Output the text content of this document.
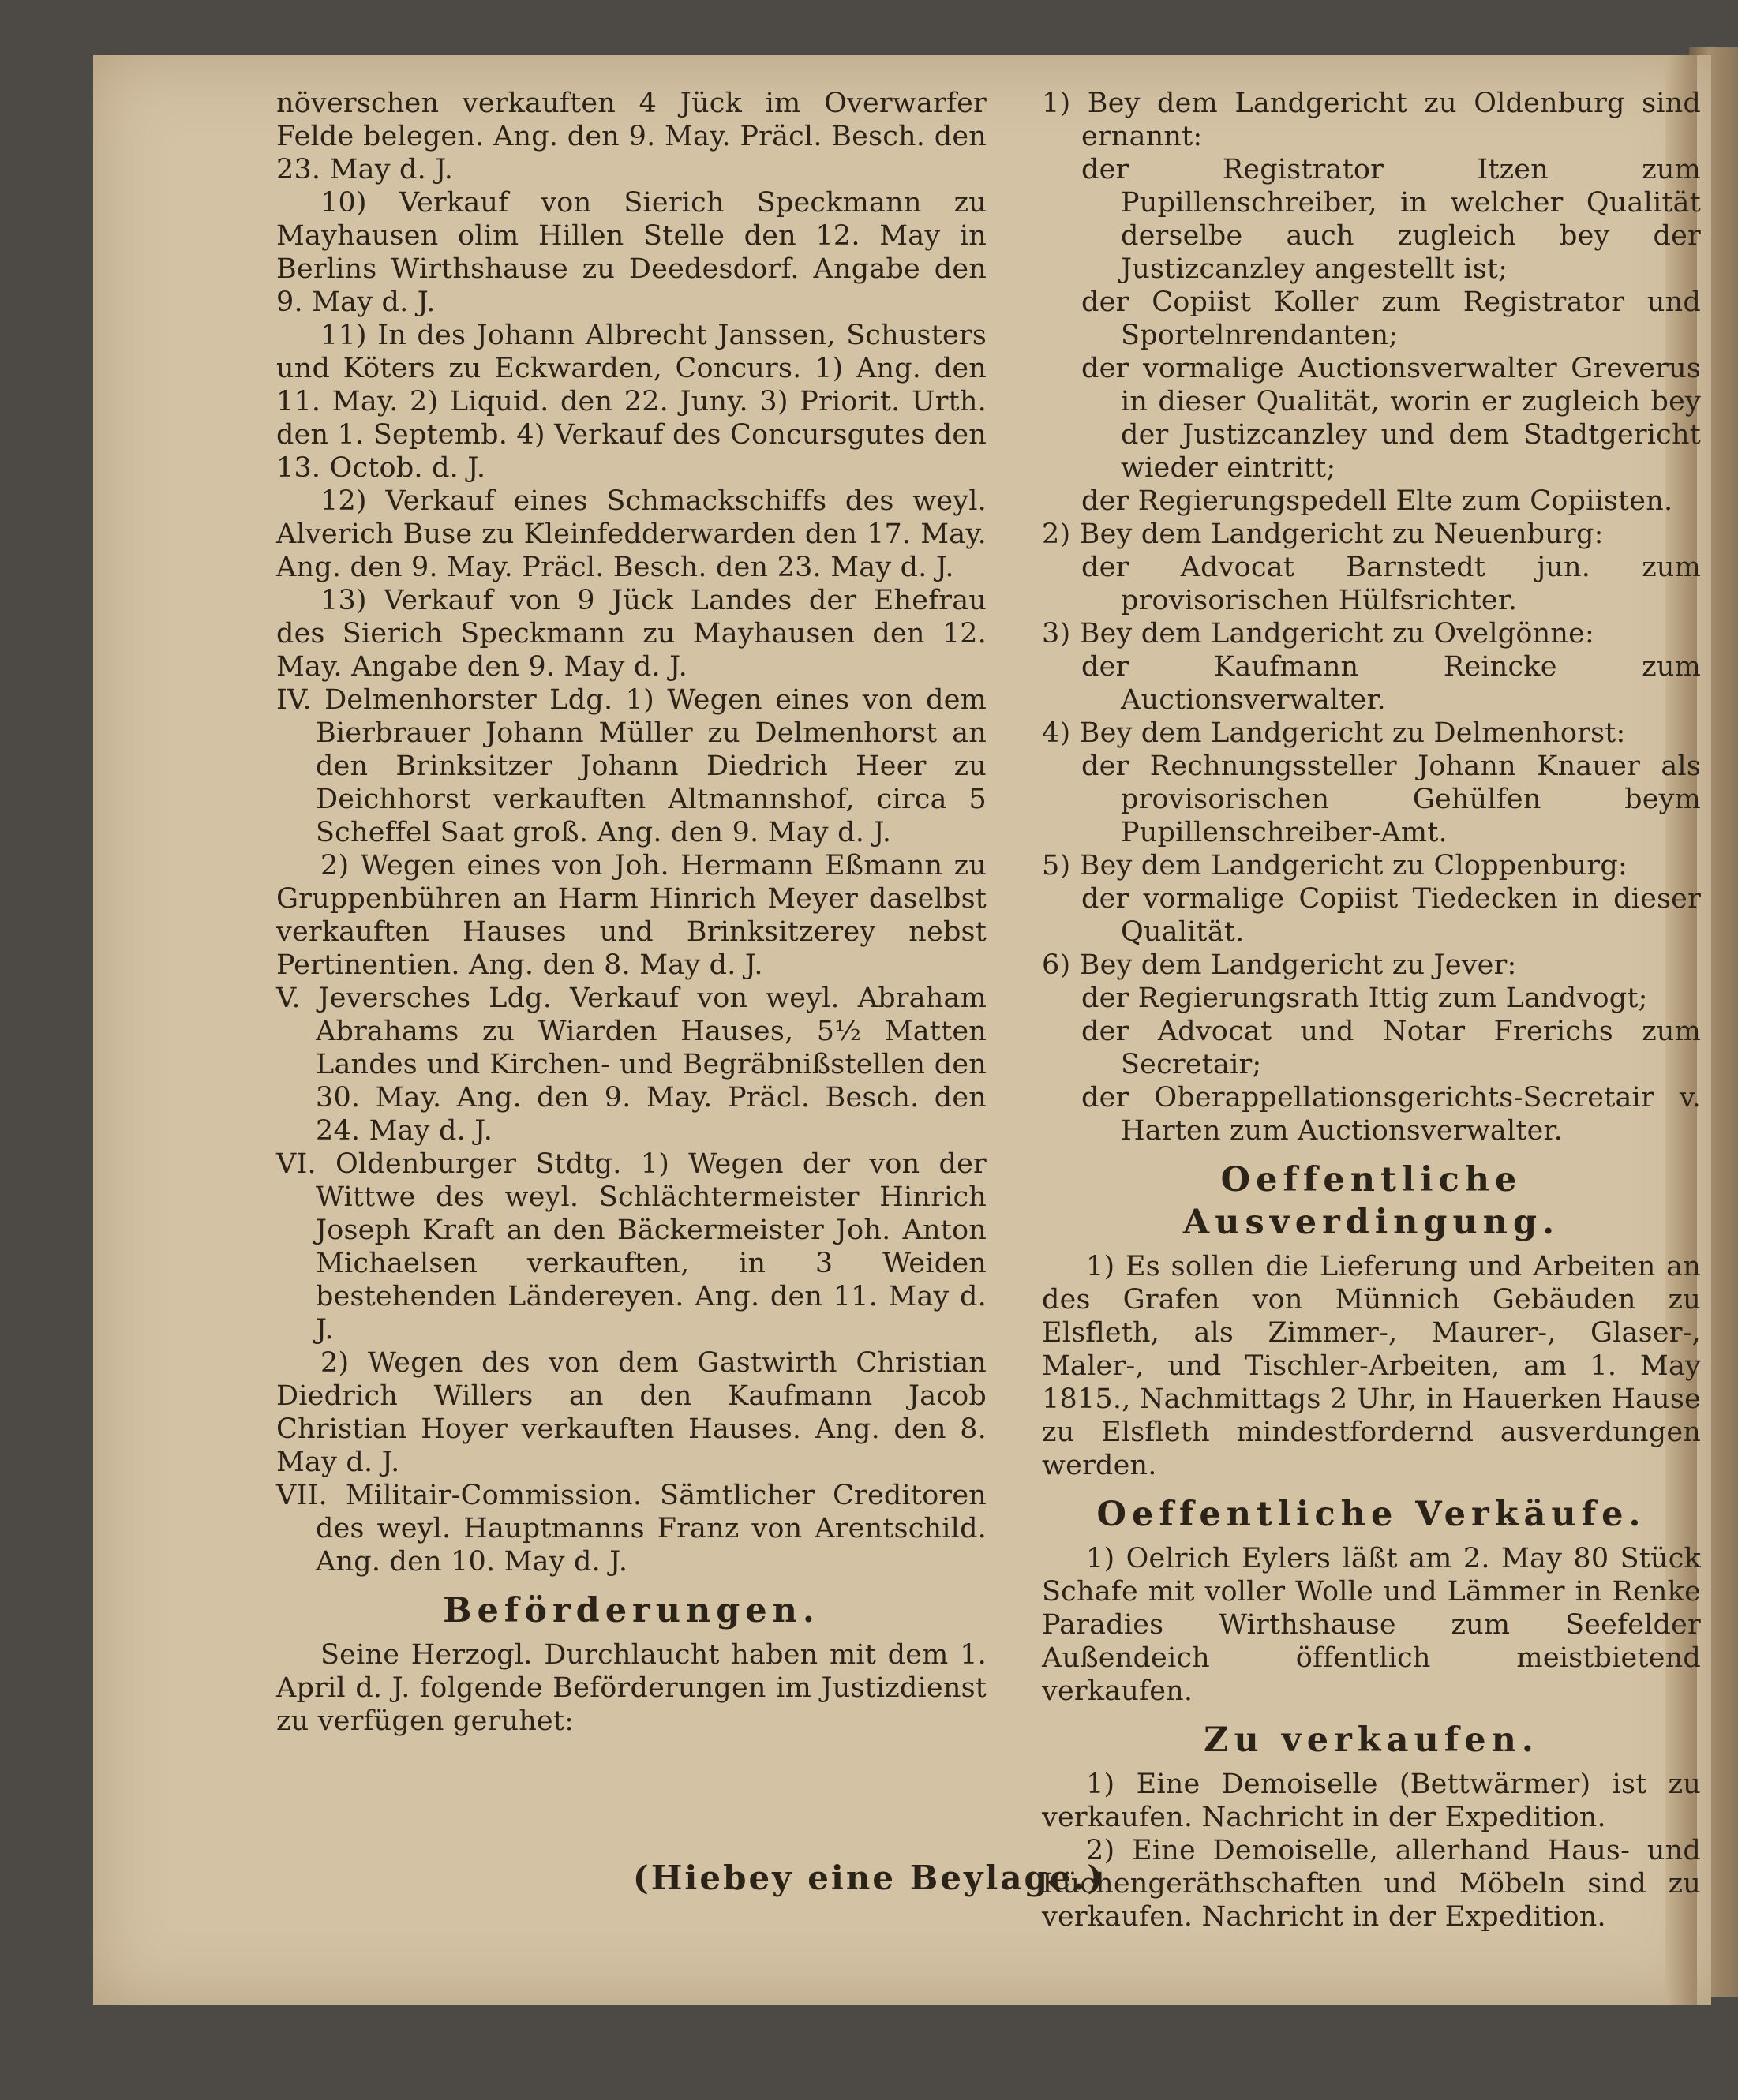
növerschen verkauften 4 Jück im Overwarfer Felde belegen. Ang. den 9. May. Präcl. Besch. den 23. May d. J.

10) Verkauf von Sierich Speckmann zu Mayhausen olim Hillen Stelle den 12. May in Berlins Wirthshause zu Deedesdorf. Angabe den 9. May d. J.

11) In des Johann Albrecht Janssen, Schusters und Köters zu Eckwarden, Concurs. 1) Ang. den 11. May. 2) Liquid. den 22. Juny. 3) Priorit. Urth. den 1. Septemb. 4) Verkauf des Concursgutes den 13. Octob. d. J.

12) Verkauf eines Schmackschiffs des weyl. Alverich Buse zu Kleinfedderwarden den 17. May. Ang. den 9. May. Präcl. Besch. den 23. May d. J.

13) Verkauf von 9 Jück Landes der Ehefrau des Sierich Speckmann zu Mayhausen den 12. May. Angabe den 9. May d. J.

IV. Delmenhorster Ldg. 1) Wegen eines von dem Bierbrauer Johann Müller zu Delmenhorst an den Brinksitzer Johann Diedrich Heer zu Deichhorst verkauften Altmannshof, circa 5 Scheffel Saat groß. Ang. den 9. May d. J.

2) Wegen eines von Joh. Hermann Eßmann zu Gruppenbühren an Harm Hinrich Meyer daselbst verkauften Hauses und Brinksitzerey nebst Pertinentien. Ang. den 8. May d. J.

V. Jeversches Ldg. Verkauf von weyl. Abraham Abrahams zu Wiarden Hauses, 5½ Matten Landes und Kirchen- und Begräbnißstellen den 30. May. Ang. den 9. May. Präcl. Besch. den 24. May d. J.

VI. Oldenburger Stdtg. 1) Wegen der von der Wittwe des weyl. Schlächtermeister Hinrich Joseph Kraft an den Bäckermeister Joh. Anton Michaelsen verkauften, in 3 Weiden bestehenden Ländereyen. Ang. den 11. May d. J.

2) Wegen des von dem Gastwirth Christian Diedrich Willers an den Kaufmann Jacob Christian Hoyer verkauften Hauses. Ang. den 8. May d. J.

VII. Militair-Commission. Sämtlicher Creditoren des weyl. Hauptmanns Franz von Arentschild. Ang. den 10. May d. J.

Beförderungen.

Seine Herzogl. Durchlaucht haben mit dem 1. April d. J. folgende Beförderungen im Justizdienst zu verfügen geruhet:

1) Bey dem Landgericht zu Oldenburg sind ernannt:

der Registrator Itzen zum Pupillenschreiber, in welcher Qualität derselbe auch zugleich bey der Justizcanzley angestellt ist;

der Copiist Koller zum Registrator und Sportelnrendanten;

der vormalige Auctionsverwalter Greverus in dieser Qualität, worin er zugleich bey der Justizcanzley und dem Stadtgericht wieder eintritt;

der Regierungspedell Elte zum Copiisten.

2) Bey dem Landgericht zu Neuenburg:

der Advocat Barnstedt jun. zum provisorischen Hülfsrichter.

3) Bey dem Landgericht zu Ovelgönne:

der Kaufmann Reincke zum Auctionsverwalter.

4) Bey dem Landgericht zu Delmenhorst:

der Rechnungssteller Johann Knauer als provisorischen Gehülfen beym Pupillenschreiber-Amt.

5) Bey dem Landgericht zu Cloppenburg:

der vormalige Copiist Tiedecken in dieser Qualität.

6) Bey dem Landgericht zu Jever:

der Regierungsrath Ittig zum Landvogt;

der Advocat und Notar Frerichs zum Secretair;

der Oberappellationsgerichts-Secretair v. Harten zum Auctionsverwalter.

Oeffentliche Ausverdingung.

1) Es sollen die Lieferung und Arbeiten an des Grafen von Münnich Gebäuden zu Elsfleth, als Zimmer-, Maurer-, Glaser-, Maler-, und Tischler-Arbeiten, am 1. May 1815., Nachmittags 2 Uhr, in Hauerken Hause zu Elsfleth mindestfordernd ausverdungen werden.

Oeffentliche Verkäufe.

1) Oelrich Eylers läßt am 2. May 80 Stück Schafe mit voller Wolle und Lämmer in Renke Paradies Wirthshause zum Seefelder Außendeich öffentlich meistbietend verkaufen.

Zu verkaufen.

1) Eine Demoiselle (Bettwärmer) ist zu verkaufen. Nachricht in der Expedition.

2) Eine Demoiselle, allerhand Haus- und Küchengeräthschaften und Möbeln sind zu verkaufen. Nachricht in der Expedition.

(Hiebey eine Beylage.)
